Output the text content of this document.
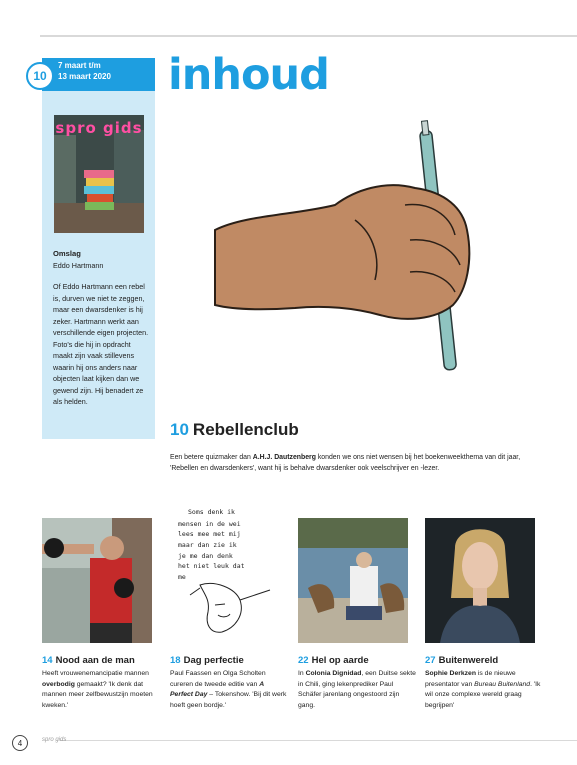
10
7 maart t/m
13 maart 2020
spro gids
Omslag
Eddo Hartmann
Of Eddo Hartmann een rebel is, durven we niet te zeggen, maar een dwarsdenker is hij zeker. Hartmann werkt aan verschillende eigen projecten. Foto's die hij in opdracht maakt zijn vaak stillevens waarin hij ons anders naar objecten laat kijken dan we gewend zijn. Hij benadert ze als helden.
inhoud
10 Rebellenclub
Een betere quizmaker dan A.H.J. Dautzenberg konden we ons niet wensen bij het boekenweekthema van dit jaar, 'Rebellen en dwarsdenkers', want hij is behalve dwarsdenker ook veelschrijver en -lezer.
Soms denk ik mensen in de wei lees mee met mij maar dan zie ik je me dan denk het niet leuk dat me
14 Nood aan de man
Heeft vrouwenemancipatie mannen overbodig gemaakt? 'Ik denk dat mannen meer zelfbewustzijn moeten kweken.'
18 Dag perfectie
Paul Faassen en Olga Scholten cureren de tweede editie van A Perfect Day – Tokenshow. 'Bij dit werk hoeft geen bordje.'
22 Hel op aarde
In Colonia Dignidad, een Duitse sekte in Chili, ging lekenprediker Paul Schäfer jarenlang ongestoord zijn gang.
27 Buitenwereld
Sophie Derkzen is de nieuwe presentator van Bureau Buitenland. 'Ik wil onze complexe wereld graag begrijpen'
4	spro gids
